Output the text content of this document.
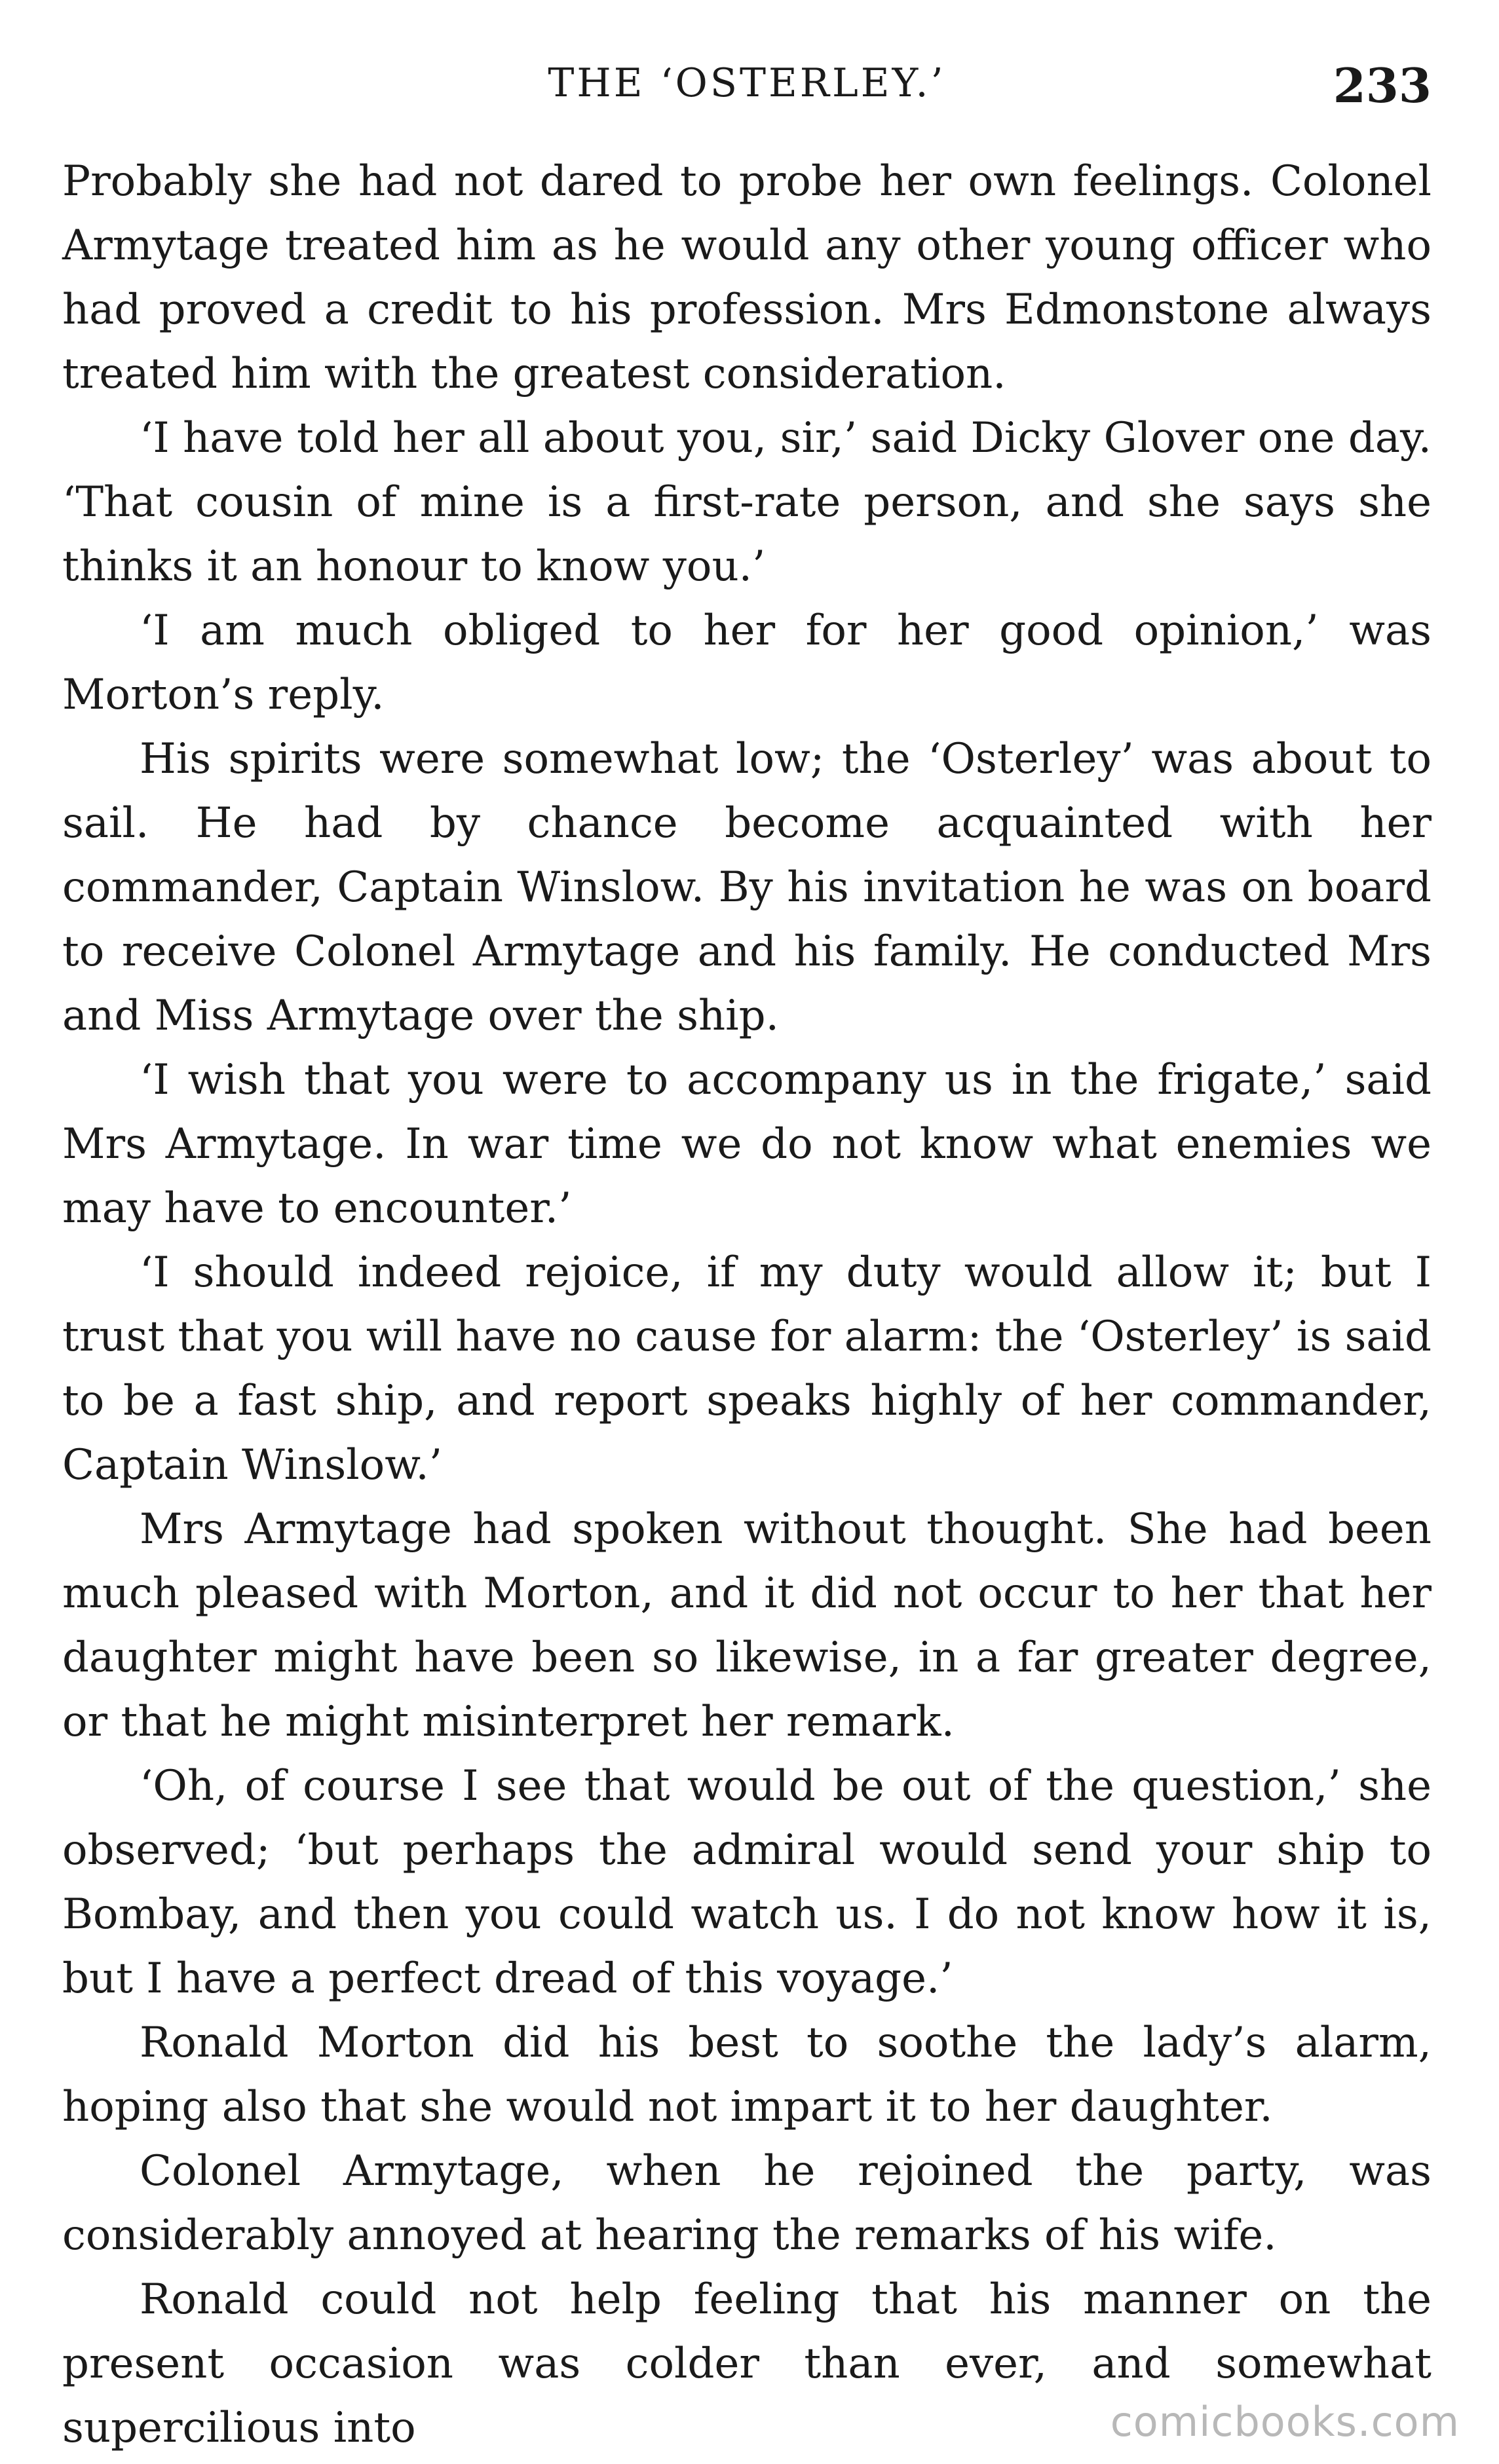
THE ‘OSTERLEY.’	233

Probably she had not dared to probe her own feelings. Colonel Armytage treated him as he would any other young officer who had proved a credit to his profession. Mrs Edmonstone always treated him with the greatest consideration.

‘I have told her all about you, sir,’ said Dicky Glover one day. ‘That cousin of mine is a first-rate person, and she says she thinks it an honour to know you.’

‘I am much obliged to her for her good opinion,’ was Morton’s reply.

His spirits were somewhat low; the ‘Osterley’ was about to sail. He had by chance become acquainted with her commander, Captain Winslow. By his invitation he was on board to receive Colonel Armytage and his family. He conducted Mrs and Miss Armytage over the ship.

‘I wish that you were to accompany us in the frigate,’ said Mrs Armytage. In war time we do not know what enemies we may have to encounter.’

‘I should indeed rejoice, if my duty would allow it; but I trust that you will have no cause for alarm: the ‘Osterley’ is said to be a fast ship, and report speaks highly of her commander, Captain Winslow.’

Mrs Armytage had spoken without thought. She had been much pleased with Morton, and it did not occur to her that her daughter might have been so likewise, in a far greater degree, or that he might misinterpret her remark.

‘Oh, of course I see that would be out of the question,’ she observed; ‘but perhaps the admiral would send your ship to Bombay, and then you could watch us. I do not know how it is, but I have a perfect dread of this voyage.’

Ronald Morton did his best to soothe the lady’s alarm, hoping also that she would not impart it to her daughter.

Colonel Armytage, when he rejoined the party, was considerably annoyed at hearing the remarks of his wife.

Ronald could not help feeling that his manner on the present occasion was colder than ever, and somewhat supercilious into	comicbooks.com
